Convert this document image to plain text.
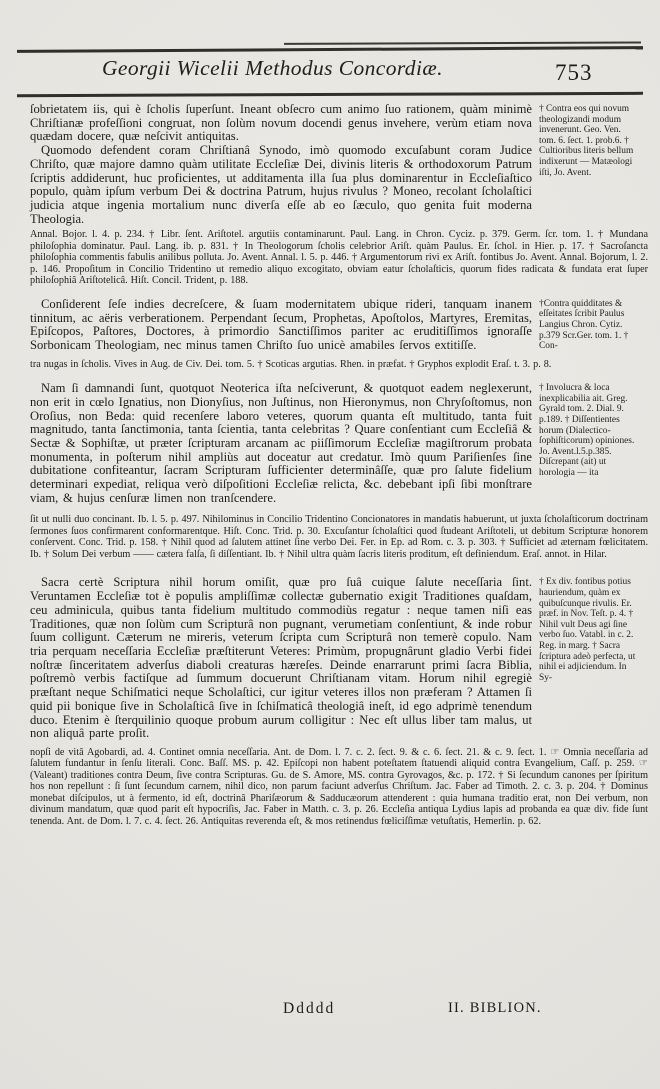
Georgii Wicelii Methodus Concordiæ.	753

ſobrietatem iis, qui è ſcholis ſuperſunt. Ineant obſecro cum animo ſuo rationem, quàm minimè Chriſtianæ profeſſioni congruat, non ſolùm novum docendi genus invehere, verùm etiam nova quædam docere, quæ neſcivit antiquitas.

Quomodo defendent coram Chriſtianâ Synodo, imò quomodo excuſabunt coram Judice Chriſto, quæ majore damno quàm utilitate Eccleſiæ Dei, divinis literis & orthodoxorum Patrum ſcriptis addiderunt, huc proficientes, ut additamenta illa ſua plus dominarentur in Eccleſiaſtico populo, quàm ipſum verbum Dei & doctrina Patrum, hujus rivulus ? Moneo, recolant ſcholaſtici judicia atque ingenia mortalium nunc diverſa eſſe ab eo ſæculo, quo genita fuit moderna Theologia.

† Contra eos qui novum theologizandi modum invenerunt. Geo. Ven. tom. 6. ſect. 1. prob.6. † Cultioribus literis bellum indixerunt — Matæologi iſti, Jo. Avent.
Annal. Bojor. l. 4. p. 234. † Libr. ſent. Ariſtotel. argutiis contaminarunt. Paul. Lang. in Chron. Cyciz. p. 379. Germ. ſcr. tom. 1. † Mundana philoſophia dominatur. Paul. Lang. ib. p. 831. † In Theologorum ſcholis celebrior Ariſt. quàm Paulus. Er. ſchol. in Hier. p. 17. † Sacroſancta philoſophia commentis fabulis anilibus polluta. Jo. Avent. Annal. l. 5. p. 446. † Argumentorum rivi ex Ariſt. fontibus Jo. Avent. Annal. Bojorum, l. 2. p. 146. Propoſitum in Concilio Tridentino ut remedio aliquo excogitato, obviam eatur ſcholaſticis, quorum fides radicata & fundata erat ſuper philoſophiâ Ariſtotelicâ. Hiſt. Concil. Trident, p. 188.

Conſiderent ſeſe indies decreſcere, & ſuam modernitatem ubique rideri, tanquam inanem tinnitum, ac aëris verberationem. Perpendant ſecum, Prophetas, Apoſtolos, Martyres, Eremitas, Epiſcopos, Paſtores, Doctores, à primordio Sanctiſſimos pariter ac eruditiſſimos ignoraſſe Sorbonicam Theologiam, nec minus tamen Chriſto ſuo unicè amabiles ſervos extitiſſe.

†Contra quidditates & eſſeitates ſcribit Paulus Langius Chron. Cytiz. p.379 Scr.Ger. tom. 1. † Con-
tra nugas in ſcholis. Vives in Aug. de Civ. Dei. tom. 5. † Scoticas argutias. Rhen. in præfat. † Gryphos explodit Eraſ. t. 3. p. 8.

Nam ſi damnandi ſunt, quotquot Neoterica iſta neſciverunt, & quotquot eadem neglexerunt, non erit in cœlo Ignatius, non Dionyſius, non Juſtinus, non Hieronymus, non Chryſoſtomus, non Oroſius, non Beda: quid recenſere laboro veteres, quorum quanta eſt multitudo, tanta fuit magnitudo, tanta ſanctimonia, tanta ſcientia, tanta celebritas ? Quare conſentiant cum Eccleſiâ & Sectæ & Sophiſtæ, ut præter ſcripturam arcanam ac piiſſimorum Eccleſiæ magiſtrorum probata monumenta, in poſterum nihil ampliùs aut doceatur aut credatur. Imò quum Pariſienſes ſine dubitatione confiteantur, ſacram Scripturam ſufficienter determinâſſe, quæ pro ſalute fidelium determinari expediat, reliqua verò diſpoſitioni Eccleſiæ relicta, &c. debebant ipſi ſibi monſtrare viam, & hujus cenſuræ limen non tranſcendere.

† Involucra & loca inexplicabilia ait. Greg. Gyrald tom. 2. Dial. 9. p.189. † Diſſentientes horum (Dialectico-ſophiſticorum) opiniones. Jo. Avent.l.5.p.385. Diſcrepant (ait) ut horologia — ita
ſit ut nulli duo concinant. Ib. l. 5. p. 497. Nihilominus in Concilio Tridentino Concionatores in mandatis habuerunt, ut juxta ſcholaſticorum doctrinam ſermones ſuos confirmarent conformarentque. Hiſt. Conc. Trid. p. 30. Excuſantur ſcholaſtici quod ſtudeant Ariſtoteli, ut debitum Scripturæ honorem conſervent. Conc. Trid. p. 158. † Nihil quod ad ſalutem attinet ſine verbo Dei. Fer. in Ep. ad Rom. c. 3. p. 303. † Sufficiet ad æternam fœlicitatem. Ib. † Solum Dei verbum —— cætera falſa, ſi diſſentiant. Ib. † Nihil ultra quàm ſacris literis proditum, eſt definiendum. Eraſ. annot. in Hilar.

Sacra certè Scriptura nihil horum omiſit, quæ pro ſuâ cuique ſalute neceſſaria ſint. Veruntamen Eccleſiæ tot è populis ampliſſimæ collectæ gubernatio exigit Traditiones quaſdam, ceu adminicula, quibus tanta fidelium multitudo commodiùs regatur : neque tamen niſi eas Traditiones, quæ non ſolùm cum Scripturâ non pugnant, verumetiam conſentiunt, & inde robur ſuum colligunt. Cæterum ne mireris, veterum ſcripta cum Scripturâ non temerè copulo. Nam tria perquam neceſſaria Eccleſiæ præſtiterunt Veteres: Primùm, propugnârunt gladio Verbi fidei noſtræ ſinceritatem adverſus diaboli creaturas hæreſes. Deinde enarrarunt primi ſacra Biblia, poſtremò verbis factiſque ad ſummum docuerunt Chriſtianam vitam. Horum nihil egregiè præſtant neque Schiſmatici neque Scholaſtici, cur igitur veteres illos non præferam ? Attamen ſi quid pii bonique ſive in Scholaſticâ ſive in ſchiſmaticâ theologiâ ineſt, id ego adprimè tenendum duco. Etenim è ſterquilinio quoque probum aurum colligitur : Nec eſt ullus liber tam malus, ut non aliquâ parte proſit.

† Ex div. fontibus potius hauriendum, quàm ex quibuſcunque rivulis. Er. præf. in Nov. Teſt. p. 4. † Nihil vult Deus agi ſine verbo ſuo. Vatabl. in c. 2. Reg. in marg. † Sacra ſcriptura adeò perfecta, ut nihil ei adjiciendum. In Sy-
nopſi de vitâ Agobardi, ad. 4. Continet omnia neceſſaria. Ant. de Dom. l. 7. c. 2. ſect. 9. & c. 6. ſect. 21. & c. 9. ſect. 1. ☞ Omnia neceſſaria ad ſalutem fundantur in ſenſu literali. Conc. Baſſ. MS. p. 42. Epiſcopi non habent poteſtatem ſtatuendi aliquid contra Evangelium, Caſſ. p. 259. ☞ (Valeant) traditiones contra Deum, ſive contra Scripturas. Gu. de S. Amore, MS. contra Gyrovagos, &c. p. 172. † Si ſecundum canones per ſpiritum hos non repellunt : ſi ſunt ſecundum carnem, nihil dico, non parum faciunt adverſus Chriſtum. Jac. Faber ad Timoth. 2. c. 3. p. 204. † Dominus monebat diſcipulos, ut à fermento, id eſt, doctrinâ Phariſæorum & Sadducæorum attenderent : quia humana traditio erat, non Dei verbum, non divinum mandatum, quæ quod parit eſt hypocriſis, Jac. Faber in Matth. c. 3. p. 26. Eccleſia antiqua Lydius lapis ad probanda ea quæ div. fide ſunt tenenda. Ant. de Dom. l. 7. c. 4. ſect. 26. Antiquitas reverenda eſt, & mos retinendus fœliciſſimæ vetuſtatis, Hemerlin. p. 62.
Ddddd	II. BIBLION.
